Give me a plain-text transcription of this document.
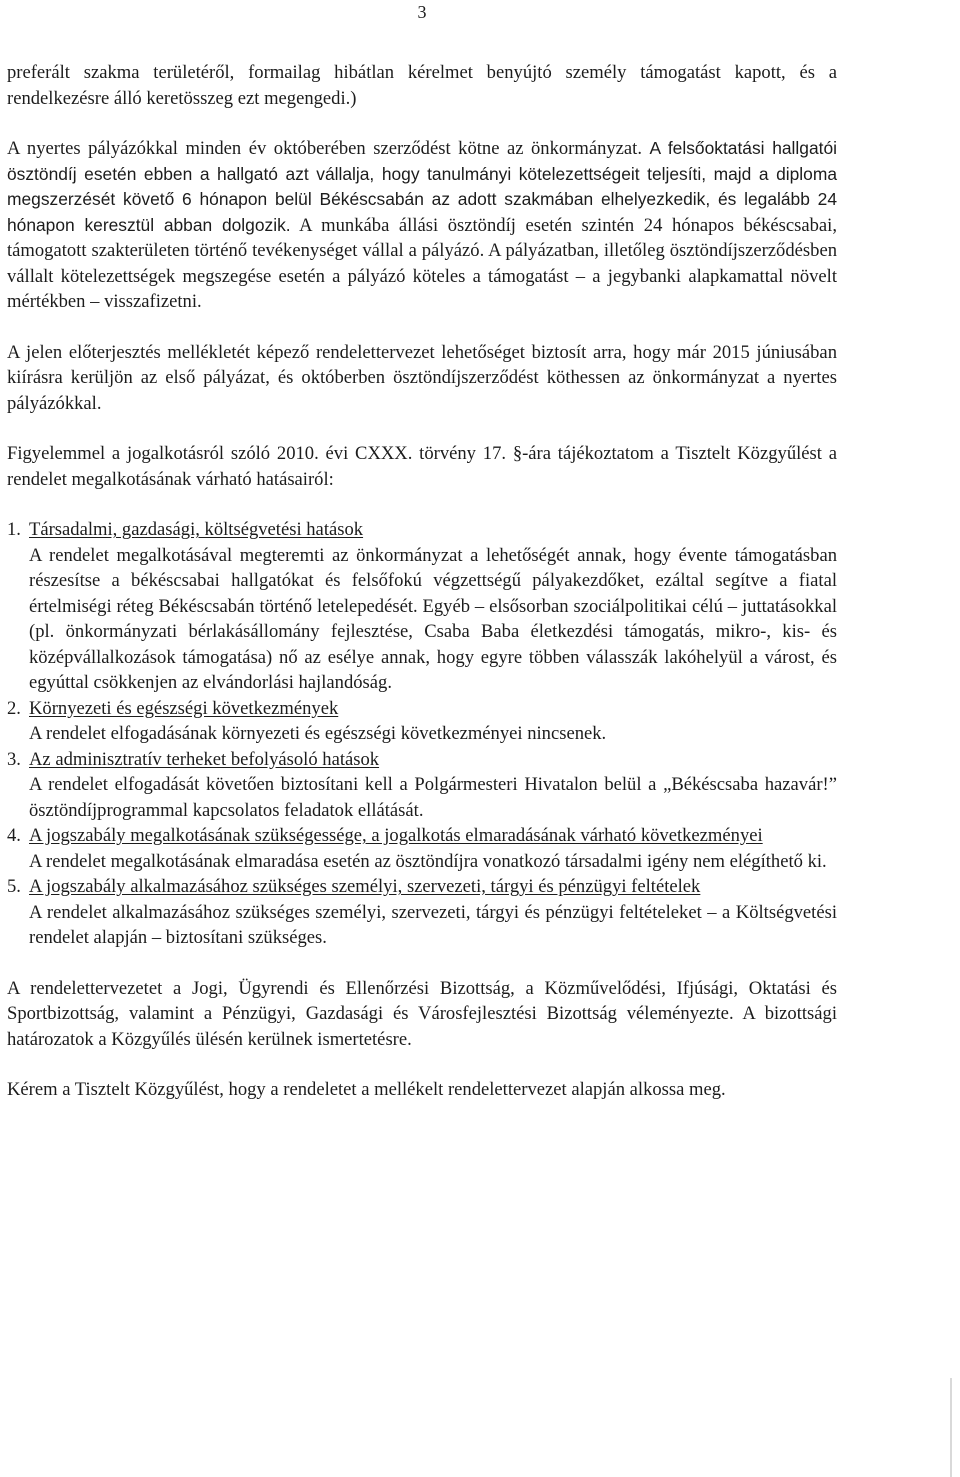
3

preferált szakma területéről, formailag hibátlan kérelmet benyújtó személy támogatást kapott, és a rendelkezésre álló keretösszeg ezt megengedi.)

A nyertes pályázókkal minden év októberében szerződést kötne az önkormányzat. A felsőoktatási hallgatói ösztöndíj esetén ebben a hallgató azt vállalja, hogy tanulmányi kötelezettségeit teljesíti, majd a diploma megszerzését követő 6 hónapon belül Békéscsabán az adott szakmában elhelyezkedik, és legalább 24 hónapon keresztül abban dolgozik. A munkába állási ösztöndíj esetén szintén 24 hónapos békéscsabai, támogatott szakterületen történő tevékenységet vállal a pályázó. A pályázatban, illetőleg ösztöndíjszerződésben vállalt kötelezettségek megszegése esetén a pályázó köteles a támogatást – a jegybanki alapkamattal növelt mértékben – visszafizetni.

A jelen előterjesztés mellékletét képező rendelettervezet lehetőséget biztosít arra, hogy már 2015 júniusában kiírásra kerüljön az első pályázat, és októberben ösztöndíjszerződést köthessen az önkormányzat a nyertes pályázókkal.

Figyelemmel a jogalkotásról szóló 2010. évi CXXX. törvény 17. §-ára tájékoztatom a Tisztelt Közgyűlést a rendelet megalkotásának várható hatásairól:

1. Társadalmi, gazdasági, költségvetési hatások
A rendelet megalkotásával megteremti az önkormányzat a lehetőségét annak, hogy évente támogatásban részesítse a békéscsabai hallgatókat és felsőfokú végzettségű pályakezdőket, ezáltal segítve a fiatal értelmiségi réteg Békéscsabán történő letelepedését. Egyéb – elsősorban szociálpolitikai célú – juttatásokkal (pl. önkormányzati bérlakásállomány fejlesztése, Csaba Baba életkezdési támogatás, mikro-, kis- és középvállalkozások támogatása) nő az esélye annak, hogy egyre többen válasszák lakóhelyül a várost, és egyúttal csökkenjen az elvándorlási hajlandóság.
2. Környezeti és egészségi következmények
A rendelet elfogadásának környezeti és egészségi következményei nincsenek.
3. Az adminisztratív terheket befolyásoló hatások
A rendelet elfogadását követően biztosítani kell a Polgármesteri Hivatalon belül a „Békéscsaba hazavár!” ösztöndíjprogrammal kapcsolatos feladatok ellátását.
4. A jogszabály megalkotásának szükségessége, a jogalkotás elmaradásának várható következményei
A rendelet megalkotásának elmaradása esetén az ösztöndíjra vonatkozó társadalmi igény nem elégíthető ki.
5. A jogszabály alkalmazásához szükséges személyi, szervezeti, tárgyi és pénzügyi feltételek
A rendelet alkalmazásához szükséges személyi, szervezeti, tárgyi és pénzügyi feltételeket – a Költségvetési rendelet alapján – biztosítani szükséges.

A rendelettervezetet a Jogi, Ügyrendi és Ellenőrzési Bizottság, a Közművelődési, Ifjúsági, Oktatási és Sportbizottság, valamint a Pénzügyi, Gazdasági és Városfejlesztési Bizottság véleményezte. A bizottsági határozatok a Közgyűlés ülésén kerülnek ismertetésre.

Kérem a Tisztelt Közgyűlést, hogy a rendeletet a mellékelt rendelettervezet alapján alkossa meg.
